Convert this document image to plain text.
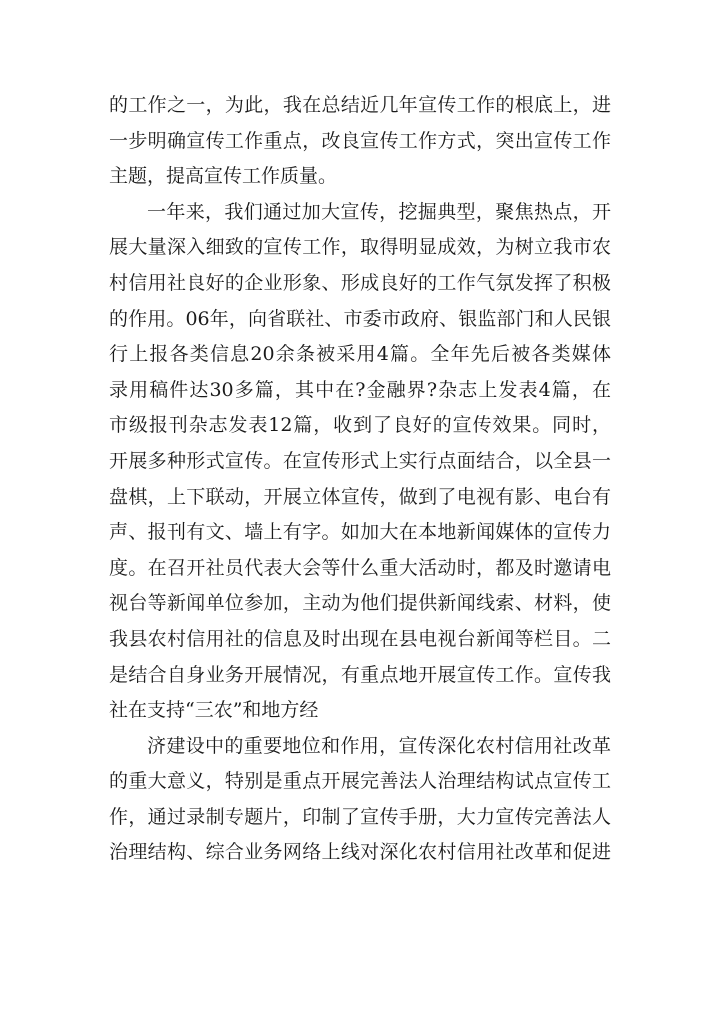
的工作之一，为此，我在总结近几年宣传工作的根底上，进
一步明确宣传工作重点，改良宣传工作方式，突出宣传工作
主题，提高宣传工作质量。
一年来，我们通过加大宣传，挖掘典型，聚焦热点，开
展大量深入细致的宣传工作，取得明显成效，为树立我市农
村信用社良好的企业形象、形成良好的工作气氛发挥了积极
的作用。06年，向省联社、市委市政府、银监部门和人民银
行上报各类信息20余条被采用4篇。全年先后被各类媒体
录用稿件达30多篇，其中在?金融界?杂志上发表4篇，在
市级报刊杂志发表12篇，收到了良好的宣传效果。同时，
开展多种形式宣传。在宣传形式上实行点面结合，以全县一
盘棋，上下联动，开展立体宣传，做到了电视有影、电台有
声、报刊有文、墙上有字。如加大在本地新闻媒体的宣传力
度。在召开社员代表大会等什么重大活动时，都及时邀请电
视台等新闻单位参加，主动为他们提供新闻线索、材料，使
我县农村信用社的信息及时出现在县电视台新闻等栏目。二
是结合自身业务开展情况，有重点地开展宣传工作。宣传我
社在支持“三农”和地方经
济建设中的重要地位和作用，宣传深化农村信用社改革
的重大意义，特别是重点开展完善法人治理结构试点宣传工
作，通过录制专题片，印制了宣传手册，大力宣传完善法人
治理结构、综合业务网络上线对深化农村信用社改革和促进
